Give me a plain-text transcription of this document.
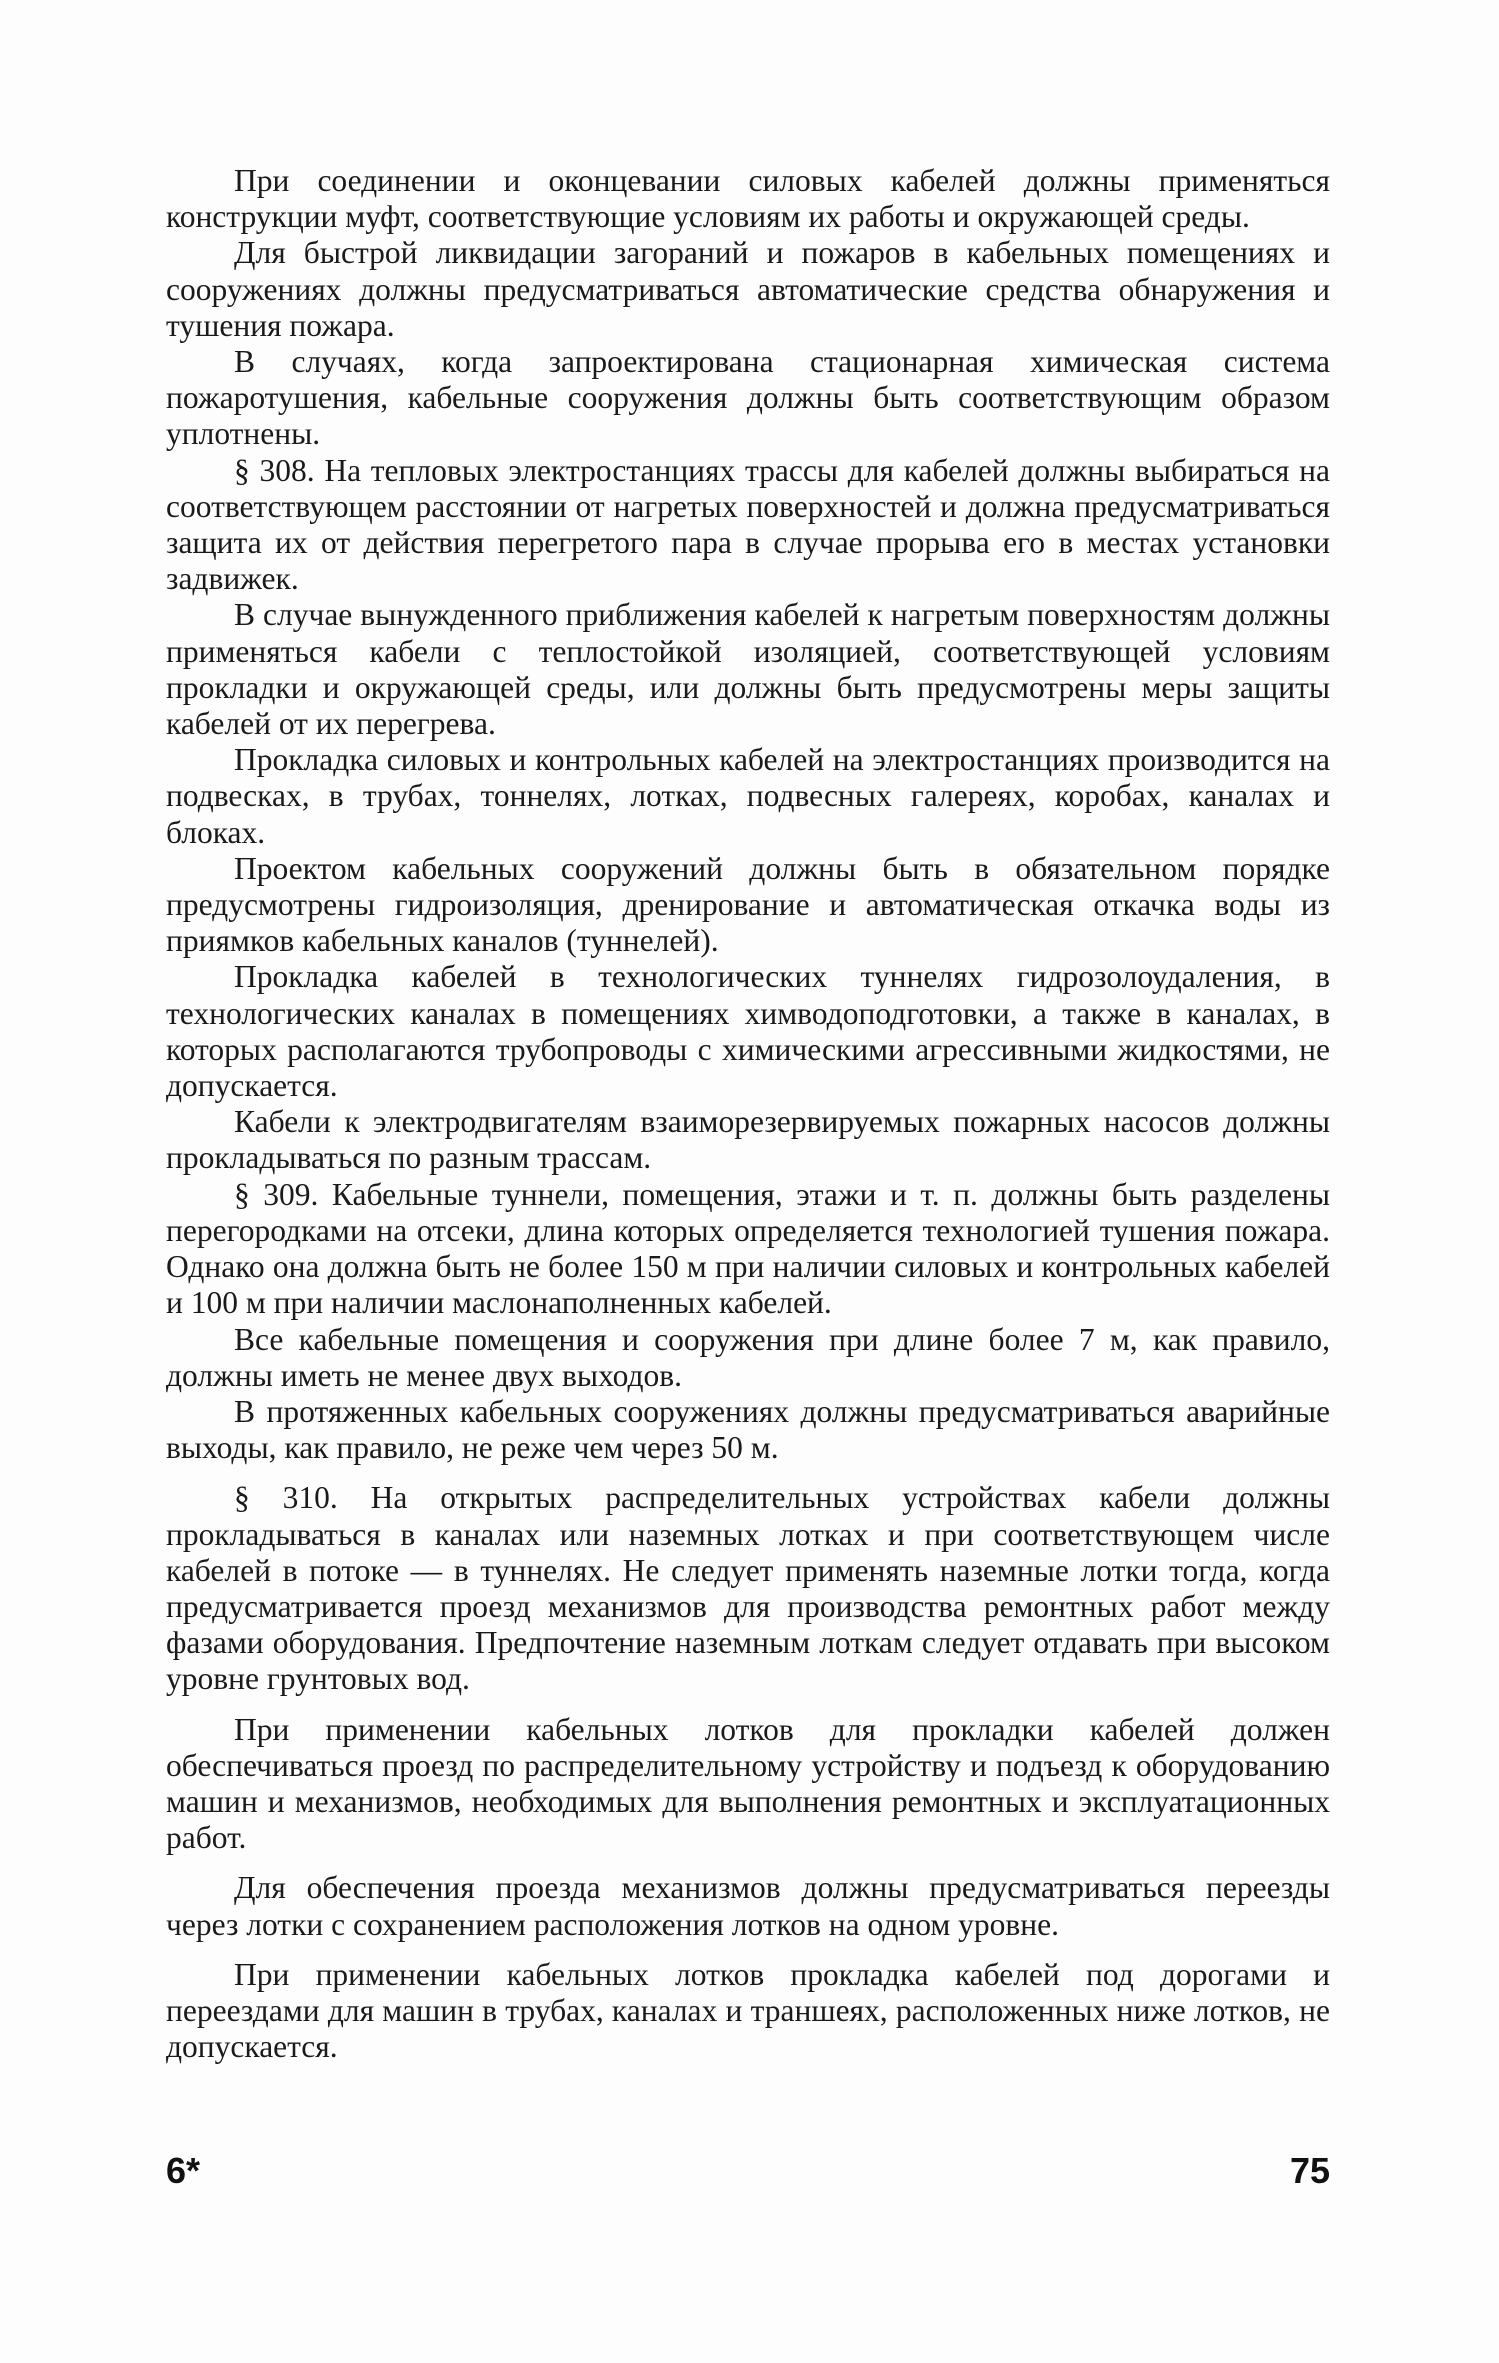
При соединении и оконцевании силовых кабелей должны применяться конструкции муфт, соответствующие условиям их работы и окружающей среды.

Для быстрой ликвидации загораний и пожаров в кабельных помещениях и сооружениях должны предусматриваться автоматические средства обнаружения и тушения пожара.

В случаях, когда запроектирована стационарная химическая система пожаротушения, кабельные сооружения должны быть соответствующим образом уплотнены.

§ 308. На тепловых электростанциях трассы для кабелей должны выбираться на соответствующем расстоянии от нагретых поверхностей и должна предусматриваться защита их от действия перегретого пара в случае прорыва его в местах установки задвижек.

В случае вынужденного приближения кабелей к нагретым поверхностям должны применяться кабели с теплостойкой изоляцией, соответствующей условиям прокладки и окружающей среды, или должны быть предусмотрены меры защиты кабелей от их перегрева.

Прокладка силовых и контрольных кабелей на электростанциях производится на подвесках, в трубах, тоннелях, лотках, подвесных галереях, коробах, каналах и блоках.

Проектом кабельных сооружений должны быть в обязательном порядке предусмотрены гидроизоляция, дренирование и автоматическая откачка воды из приямков кабельных каналов (туннелей).

Прокладка кабелей в технологических туннелях гидрозолоудаления, в технологических каналах в помещениях химводоподготовки, а также в каналах, в которых располагаются трубопроводы с химическими агрессивными жидкостями, не допускается.

Кабели к электродвигателям взаиморезервируемых пожарных насосов должны прокладываться по разным трассам.

§ 309. Кабельные туннели, помещения, этажи и т. п. должны быть разделены перегородками на отсеки, длина которых определяется технологией тушения пожара. Однако она должна быть не более 150 м при наличии силовых и контрольных кабелей и 100 м при наличии маслонаполненных кабелей.

Все кабельные помещения и сооружения при длине более 7 м, как правило, должны иметь не менее двух выходов.

В протяженных кабельных сооружениях должны предусматриваться аварийные выходы, как правило, не реже чем через 50 м.

§ 310. На открытых распределительных устройствах кабели должны прокладываться в каналах или наземных лотках и при соответствующем числе кабелей в потоке — в туннелях. Не следует применять наземные лотки тогда, когда предусматривается проезд механизмов для производства ремонтных работ между фазами оборудования. Предпочтение наземным лоткам следует отдавать при высоком уровне грунтовых вод.

При применении кабельных лотков для прокладки кабелей должен обеспечиваться проезд по распределительному устройству и подъезд к оборудованию машин и механизмов, необходимых для выполнения ремонтных и эксплуатационных работ.

Для обеспечения проезда механизмов должны предусматриваться переезды через лотки с сохранением расположения лотков на одном уровне.

При применении кабельных лотков прокладка кабелей под дорогами и переездами для машин в трубах, каналах и траншеях, расположенных ниже лотков, не допускается.

6*	75
